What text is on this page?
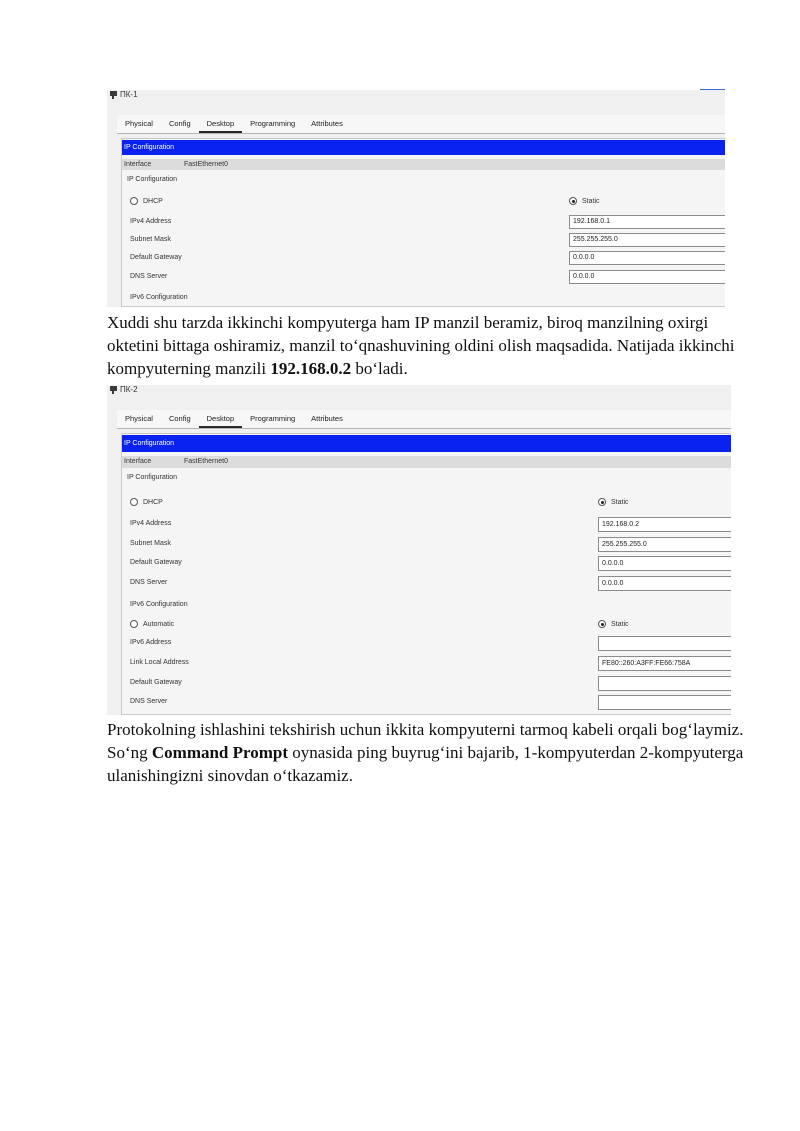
ПК-1
Physical	Config	Desktop	Programming	Attributes
IP Configuration
Interface	FastEthernet0
IP Configuration
DHCP	Static
IPv4 Address	192.168.0.1
Subnet Mask	255.255.255.0
Default Gateway	0.0.0.0
DNS Server	0.0.0.0
IPv6 Configuration

Xuddi shu tarzda ikkinchi kompyuterga ham IP manzil beramiz, biroq manzilning oxirgi oktetini bittaga oshiramiz, manzil to‘qnashuvining oldini olish maqsadida. Natijada ikkinchi kompyuterning manzili 192.168.0.2 bo‘ladi.

ПК-2
Physical	Config	Desktop	Programming	Attributes
IP Configuration
Interface	FastEthernet0
IP Configuration
DHCP	Static
IPv4 Address	192.168.0.2
Subnet Mask	255.255.255.0
Default Gateway	0.0.0.0
DNS Server	0.0.0.0
IPv6 Configuration
Automatic	Static
IPv6 Address
Link Local Address	FE80::260:A3FF:FE66:758A
Default Gateway
DNS Server

Protokolning ishlashini tekshirish uchun ikkita kompyuterni tarmoq kabeli orqali bog‘laymiz. So‘ng Command Prompt oynasida ping buyrug‘ini bajarib, 1-kompyuterdan 2-kompyuterga ulanishingizni sinovdan o‘tkazamiz.
